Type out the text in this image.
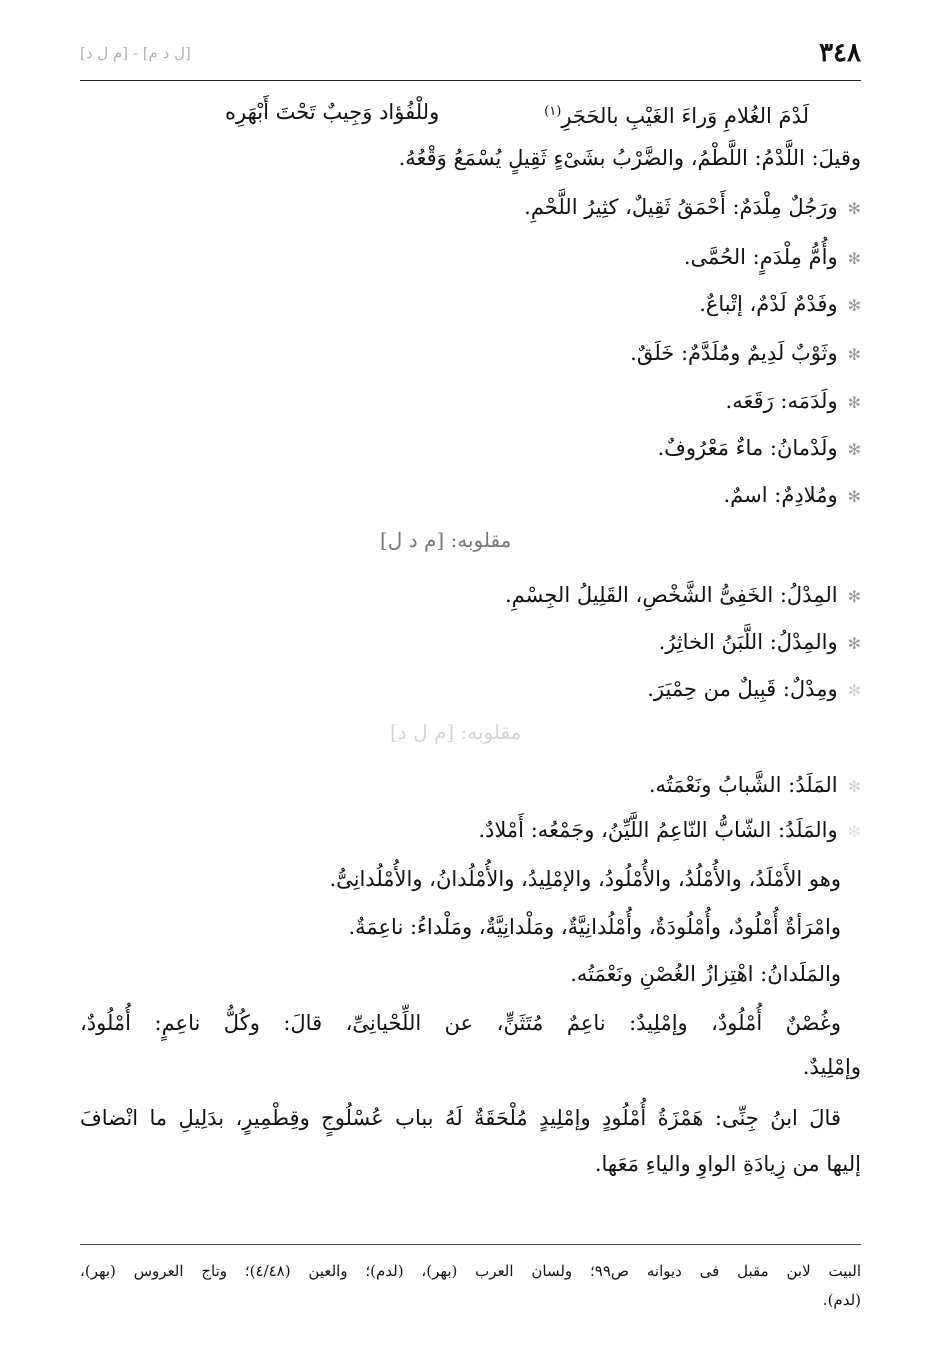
٣٤٨
[ل د م] - [م ل د]
لَدْمَ الغُلامِ وَراءَ الغَيْبِ بالحَجَرِ$^{(١)}$
وللْفُؤاد وَجِيبٌ تَحْتَ أَبْهَرِه
وقيلَ: اللَّدْمُ: اللَّطْمُ، والضَّرْبُ بشَىْءٍ ثَقِيلٍ يُسْمَعُ وَقْعُهُ.
✻ورَجُلٌ مِلْدَمٌ: أَحْمَقُ ثَقِيلٌ، كثِيرُ اللَّحْمِ.
✻وأُمُّ مِلْدَمٍ: الحُمَّى.
✻وفَدْمٌ لَدْمٌ، إتْباعٌ.
✻وثَوْبٌ لَدِيمٌ ومُلَدَّمٌ: خَلَقٌ.
✻ولَدَمَه: رَقَعَه.
✻ولَدْمانُ: ماءٌ مَعْرُوفٌ.
✻ومُلادِمٌ: اسمٌ.
مقلوبه: [م د ل]
✻المِدْلُ: الخَفِىُّ الشَّخْصِ، القَلِيلُ الجِسْمِ.
✻والمِدْلُ: اللَّبَنُ الخاثِرُ.
✻ومِدْلٌ: قَبِيلٌ من حِمْيَرَ.
مقلوبه: [م ل د]
✻المَلَدُ: الشَّبابُ ونَعْمَتُه.
✻والمَلَدُ: الشّابُّ النّاعِمُ اللَّيِّنُ، وجَمْعُه: أَمْلادٌ.
وهو الأَمْلَدُ، والأُمْلُدُ، والأُمْلُودُ، والإمْلِيدُ، والأُمْلُدانُ، والأُمْلُدانِىُّ.
وامْرَأةٌ أُمْلُودٌ، وأُمْلُودَةٌ، وأُمْلُدانِيَّةٌ، ومَلْدانِيَّةٌ، ومَلْداءُ: ناعِمَةٌ.
والمَلَدانُ: اهْتِزازُ الغُصْنِ ونَعْمَتُه.
وغُصْنٌ أُمْلُودٌ، وإمْلِيدٌ: ناعِمٌ مُتَثَنٍّ، عن اللِّحْيانِىِّ، قالَ: وكُلُّ ناعِمٍ: أُمْلُودٌ،
وإمْلِيدٌ.
قالَ ابنُ جِنِّى: هَمْزَةُ أُمْلُودٍ وإمْلِيدٍ مُلْحَقَةٌ لَهُ بباب عُسْلُوجٍ وقِطْمِيرٍ، بدَلِيلِ ما انْضافَ
إليها من زِيادَةِ الواوِ والياءِ مَعَها.
البيت لابن مقبل فى ديوانه ص٩٩؛ ولسان العرب (بهر)، (لدم)؛ والعين (٤/٤٨)؛ وتاج العروس (بهر)،
(لدم).
